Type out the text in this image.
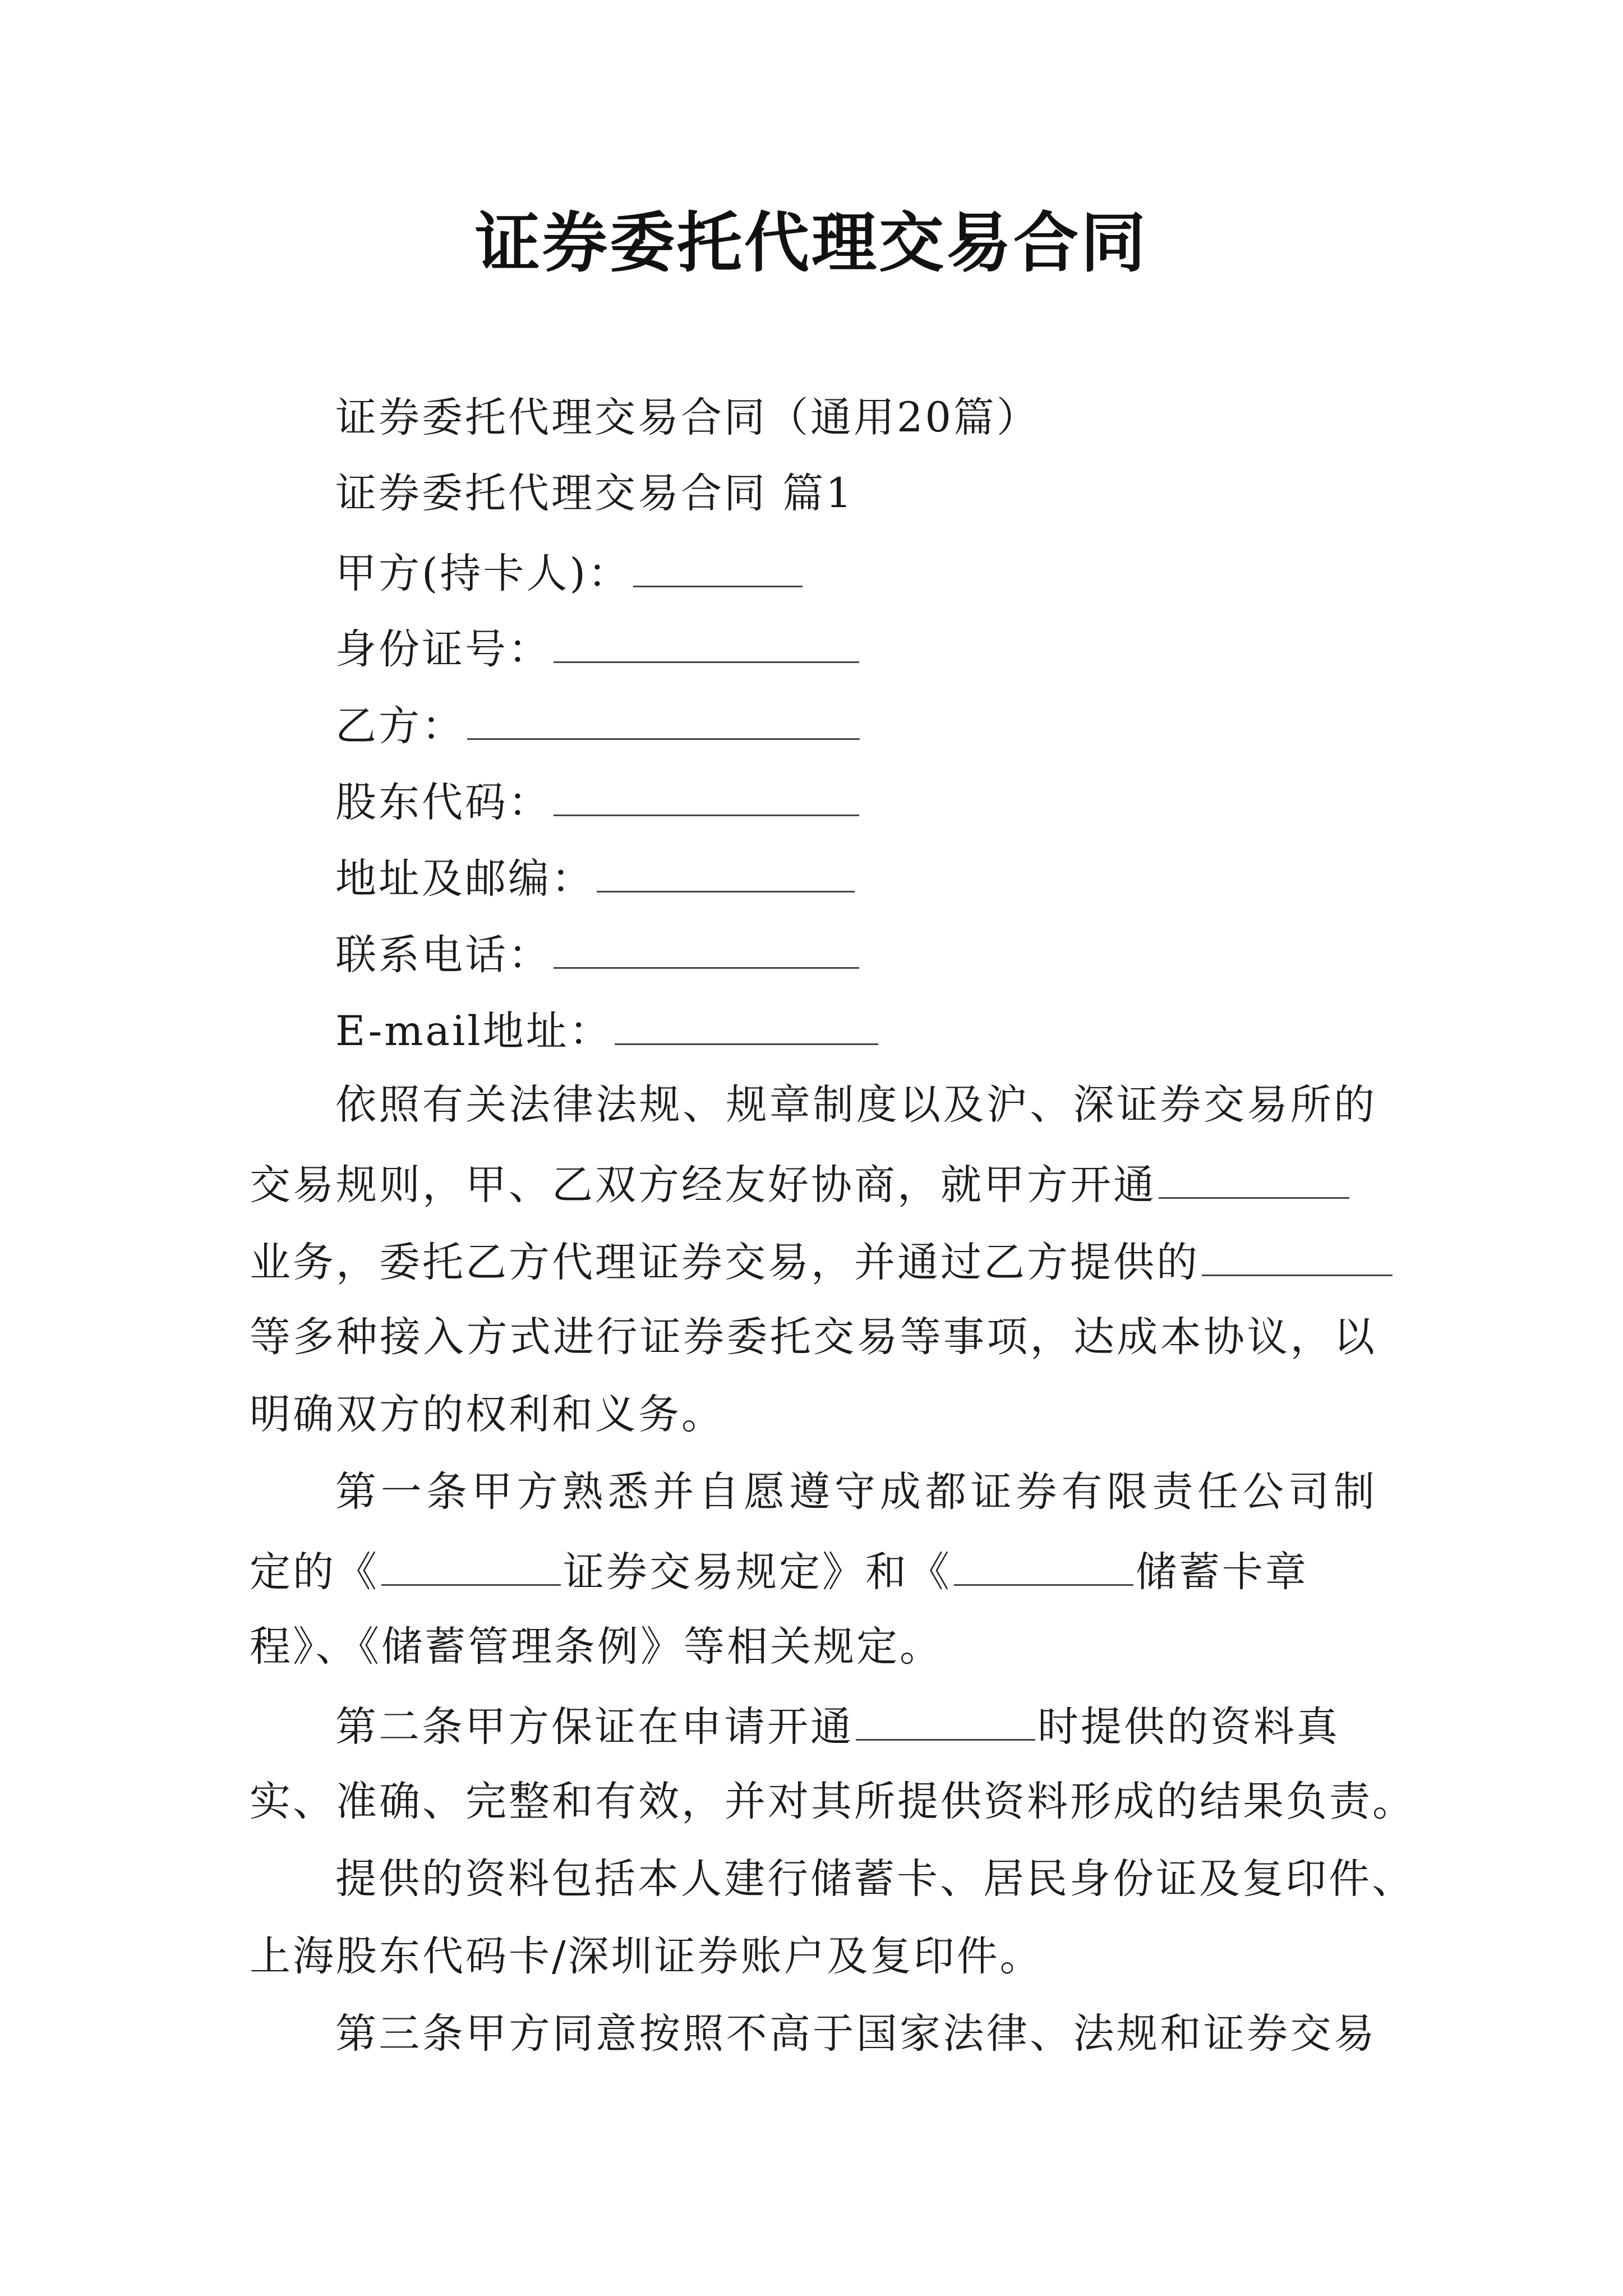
证券委托代理交易合同
证券委托代理交易合同（通用20篇）
证券委托代理交易合同 篇1
甲方(持卡人)：
身份证号：
乙方：
股东代码：
地址及邮编：
联系电话：
E-mail地址：
依照有关法律法规、规章制度以及沪、深证券交易所的
交易规则，甲、乙双方经友好协商，就甲方开通
业务，委托乙方代理证券交易，并通过乙方提供的
等多种接入方式进行证券委托交易等事项，达成本协议，以
明确双方的权利和义务。
第一条甲方熟悉并自愿遵守成都证券有限责任公司制
定的《	证券交易规定》和《	储蓄卡章
程》、《储蓄管理条例》等相关规定。
第二条甲方保证在申请开通	时提供的资料真
实、准确、完整和有效，并对其所提供资料形成的结果负责。
提供的资料包括本人建行储蓄卡、居民身份证及复印件、
上海股东代码卡/深圳证券账户及复印件。
第三条甲方同意按照不高于国家法律、法规和证券交易
